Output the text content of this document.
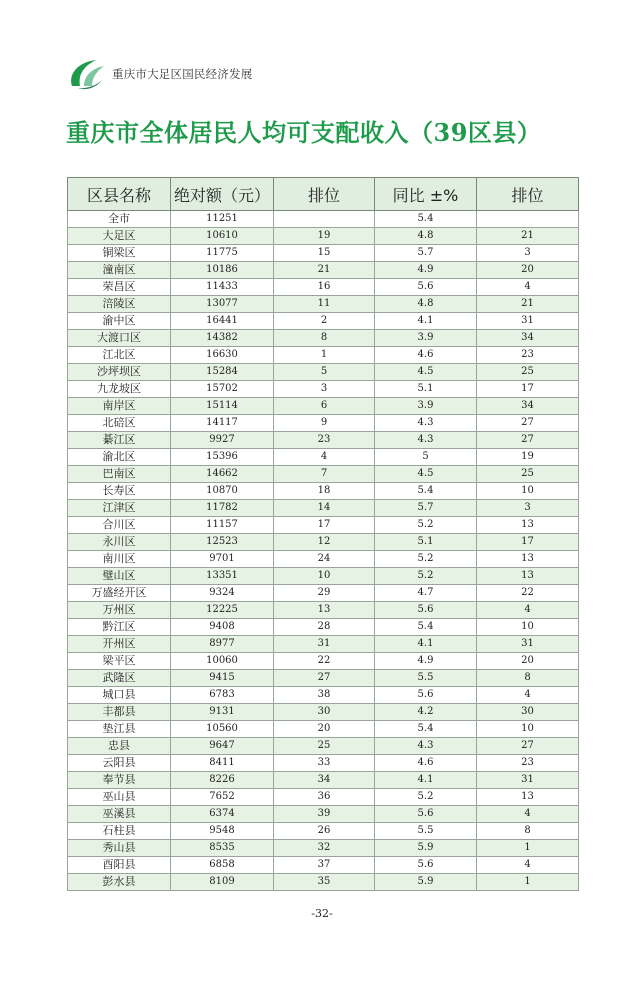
重庆市大足区国民经济发展
重庆市全体居民人均可支配收入（39区县）
区县名称	绝对额（元）	排位	同比 ±%	排位
全市	11251		5.4	
大足区	10610	19	4.8	21
铜梁区	11775	15	5.7	3
潼南区	10186	21	4.9	20
荣昌区	11433	16	5.6	4
涪陵区	13077	11	4.8	21
渝中区	16441	2	4.1	31
大渡口区	14382	8	3.9	34
江北区	16630	1	4.6	23
沙坪坝区	15284	5	4.5	25
九龙坡区	15702	3	5.1	17
南岸区	15114	6	3.9	34
北碚区	14117	9	4.3	27
綦江区	9927	23	4.3	27
渝北区	15396	4	5	19
巴南区	14662	7	4.5	25
长寿区	10870	18	5.4	10
江津区	11782	14	5.7	3
合川区	11157	17	5.2	13
永川区	12523	12	5.1	17
南川区	9701	24	5.2	13
璧山区	13351	10	5.2	13
万盛经开区	9324	29	4.7	22
万州区	12225	13	5.6	4
黔江区	9408	28	5.4	10
开州区	8977	31	4.1	31
梁平区	10060	22	4.9	20
武隆区	9415	27	5.5	8
城口县	6783	38	5.6	4
丰都县	9131	30	4.2	30
垫江县	10560	20	5.4	10
忠县	9647	25	4.3	27
云阳县	8411	33	4.6	23
奉节县	8226	34	4.1	31
巫山县	7652	36	5.2	13
巫溪县	6374	39	5.6	4
石柱县	9548	26	5.5	8
秀山县	8535	32	5.9	1
酉阳县	6858	37	5.6	4
彭水县	8109	35	5.9	1
-32-
